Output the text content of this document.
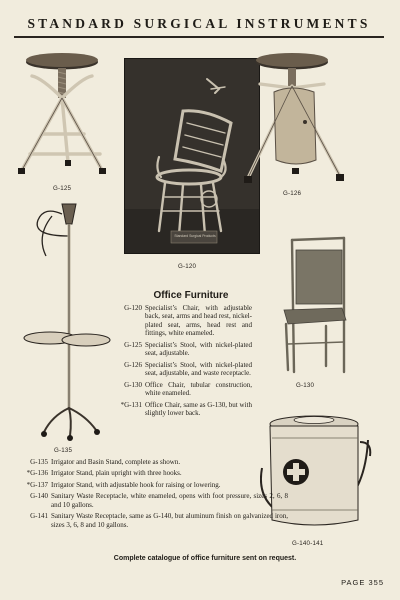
STANDARD SURGICAL INSTRUMENTS
G-125
Standard Surgical Products
G-120
G-126
G-135
G-130
G-140-141
Office Furniture
G-120 Specialist’s Chair, with adjustable back, seat, arms and head rest, nickel-plated seat, arms, head rest and fittings, white enameled.
G-125 Specialist’s Stool, with nickel-plated seat, adjustable.
G-126 Specialist’s Stool, with nickel-plated seat, adjustable, and waste receptacle.
G-130 Office Chair, tubular construction, white enameled.
*G-131 Office Chair, same as G-130, but with slightly lower back.
G-135 Irrigator and Basin Stand, complete as shown.
*G-136 Irrigator Stand, plain upright with three hooks.
*G-137 Irrigator Stand, with adjustable hook for raising or lowering.
G-140 Sanitary Waste Receptacle, white enameled, opens with foot pressure, sizes 2, 6, 8 and 10 gallons.
G-141 Sanitary Waste Receptacle, same as G-140, but aluminum finish on galvanized iron, sizes 3, 6, 8 and 10 gallons.
Complete catalogue of office furniture sent on request.
PAGE 355
